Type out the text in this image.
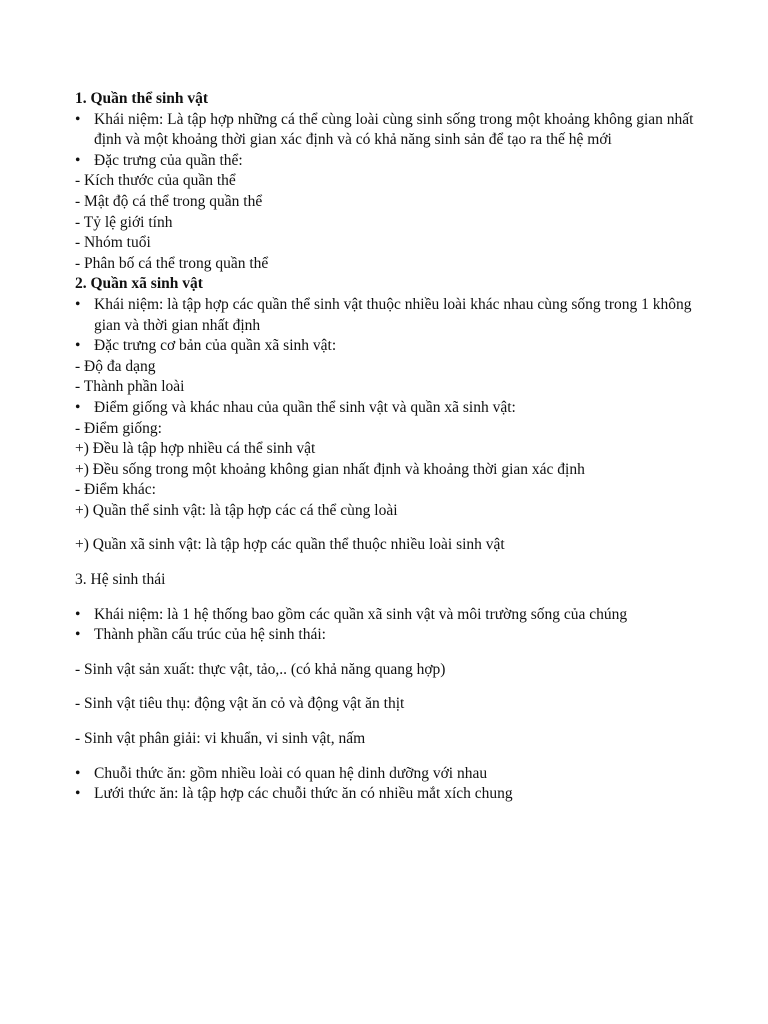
1. Quần thể sinh vật
• Khái niệm: Là tập hợp những cá thể cùng loài cùng sinh sống trong một khoảng không gian nhất định và một khoảng thời gian xác định và có khả năng sinh sản để tạo ra thế hệ mới
• Đặc trưng của quần thể:
- Kích thước của quần thể
- Mật độ cá thể trong quần thể
- Tỷ lệ giới tính
- Nhóm tuổi
- Phân bố cá thể trong quần thể
2. Quần xã sinh vật
• Khái niệm: là tập hợp các quần thể sinh vật thuộc nhiều loài khác nhau cùng sống trong 1 không gian và thời gian nhất định
• Đặc trưng cơ bản của quần xã sinh vật:
- Độ đa dạng
- Thành phần loài
• Điểm giống và khác nhau của quần thể sinh vật và quần xã sinh vật:
- Điểm giống:
+) Đều là tập hợp nhiều cá thể sinh vật
+) Đều sống trong một khoảng không gian nhất định và khoảng thời gian xác định
- Điểm khác:
+) Quần thể sinh vật: là tập hợp các cá thể cùng loài
+) Quần xã sinh vật: là tập hợp các quần thể thuộc nhiều loài sinh vật
3. Hệ sinh thái
• Khái niệm: là 1 hệ thống bao gồm các quần xã sinh vật và môi trường sống của chúng
• Thành phần cấu trúc của hệ sinh thái:
- Sinh vật sản xuất: thực vật, tảo,.. (có khả năng quang hợp)
- Sinh vật tiêu thụ: động vật ăn cỏ và động vật ăn thịt
- Sinh vật phân giải: vi khuẩn, vi sinh vật, nấm
• Chuỗi thức ăn: gồm nhiều loài có quan hệ dinh dưỡng với nhau
• Lưới thức ăn: là tập hợp các chuỗi thức ăn có nhiều mắt xích chung
